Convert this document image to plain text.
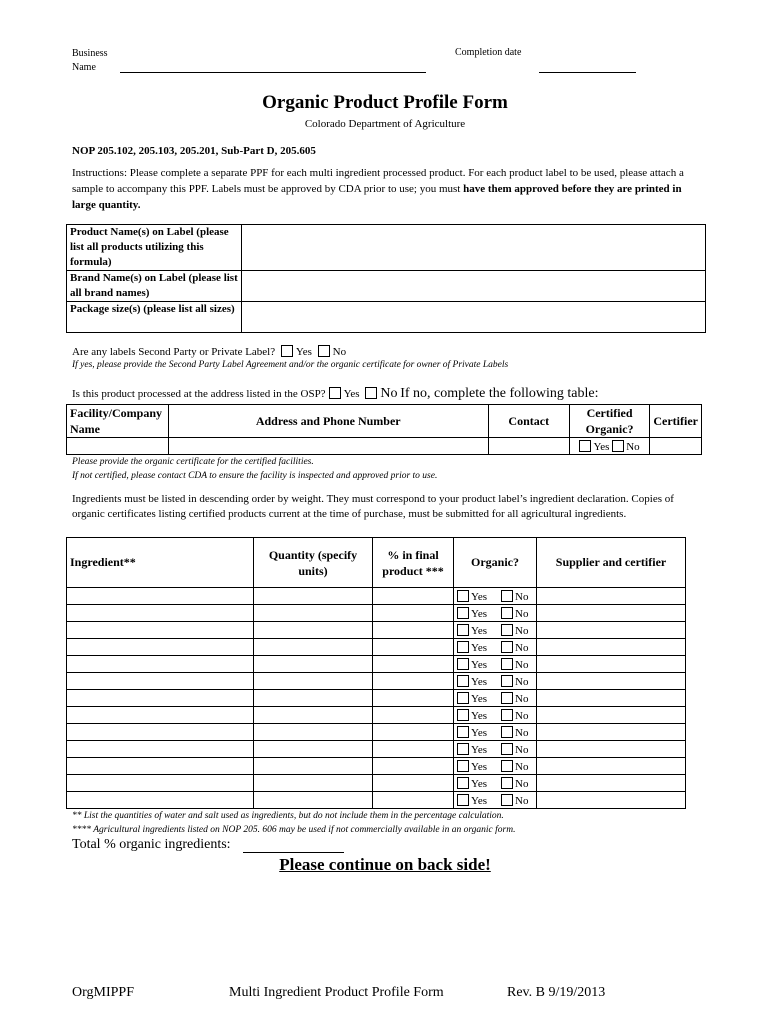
Business
Name
Completion date
Organic Product Profile Form
Colorado Department of Agriculture
NOP 205.102, 205.103, 205.201, Sub-Part D, 205.605
Instructions: Please complete a separate PPF for each multi ingredient processed product. For each product label to be used, please attach a sample to accompany this PPF. Labels must be approved by CDA prior to use; you must have them approved before they are printed in large quantity.
Product Name(s) on Label (please list all products utilizing this formula)	
Brand Name(s) on Label (please list all brand names)	
Package size(s) (please list all sizes)	
Are any labels Second Party or Private Label? Yes No
If yes, please provide the Second Party Label Agreement and/or the organic certificate for owner of Private Labels
Is this product processed at the address listed in the OSP? Yes No If no, complete the following table:
Facility/Company Name	Address and Phone Number	Contact	Certified Organic?	Certifier
			Yes No	
Please provide the organic certificate for the certified facilities.
If not certified, please contact CDA to ensure the facility is inspected and approved prior to use.
Ingredients must be listed in descending order by weight. They must correspond to your product label’s ingredient declaration. Copies of organic certificates listing certified products current at the time of purchase, must be submitted for all agricultural ingredients.
Ingredient**	Quantity (specify units)	% in final product ***	Organic?	Supplier and certifier
			Yes No	
			Yes No	
			Yes No	
			Yes No	
			Yes No	
			Yes No	
			Yes No	
			Yes No	
			Yes No	
			Yes No	
			Yes No	
			Yes No	
			Yes No	
** List the quantities of water and salt used as ingredients, but do not include them in the percentage calculation.
**** Agricultural ingredients listed on NOP 205. 606 may be used if not commercially available in an organic form.
Total % organic ingredients:
Please continue on back side!
OrgMIPPF	Multi Ingredient Product Profile Form	Rev. B 9/19/2013
